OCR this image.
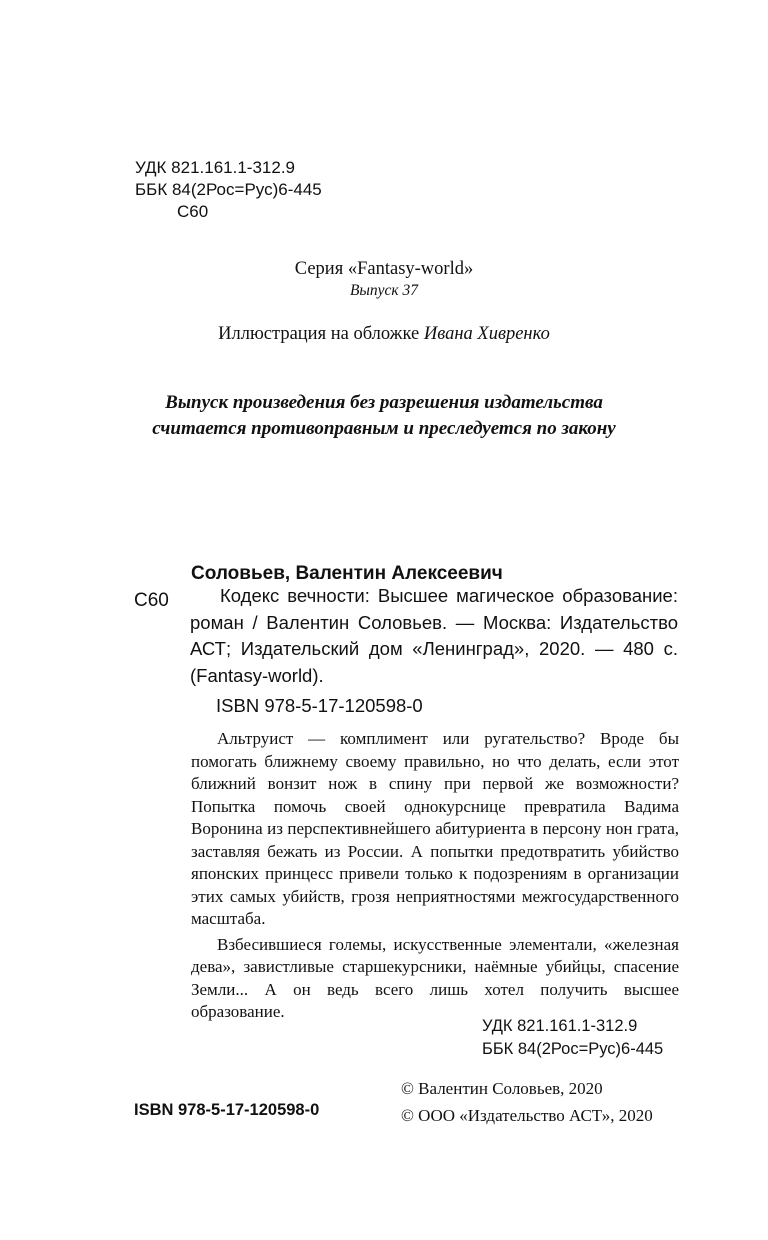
УДК 821.161.1-312.9
ББК 84(2Рос=Рус)6-445
С60
Серия «Fantasy-world»
Выпуск 37
Иллюстрация на обложке Ивана Хивренко
Выпуск произведения без разрешения издательства
считается противоправным и преследуется по закону
Соловьев, Валентин Алексеевич
С60	Кодекс вечности: Высшее магическое образование: роман / Валентин Соловьев. — Москва: Издательство АСТ; Издательский дом «Ленинград», 2020. — 480 с. (Fantasy-world).
ISBN 978-5-17-120598-0

Альтруист — комплимент или ругательство? Вроде бы помогать ближнему своему правильно, но что делать, если этот ближний вонзит нож в спину при первой же возможности? Попытка помочь своей однокурснице превратила Вадима Воронина из перспективнейшего абитуриента в персону нон грата, заставляя бежать из России. А попытки предотвратить убийство японских принцесс привели только к подозрениям в организации этих самых убийств, грозя неприятностями межгосударственного масштаба.

Взбесившиеся големы, искусственные элементали, «железная дева», завистливые старшекурсники, наёмные убийцы, спасение Земли... А он ведь всего лишь хотел получить высшее образование.

УДК 821.161.1-312.9
ББК 84(2Рос=Рус)6-445
© Валентин Соловьев, 2020
© ООО «Издательство АСТ», 2020
ISBN 978-5-17-120598-0
